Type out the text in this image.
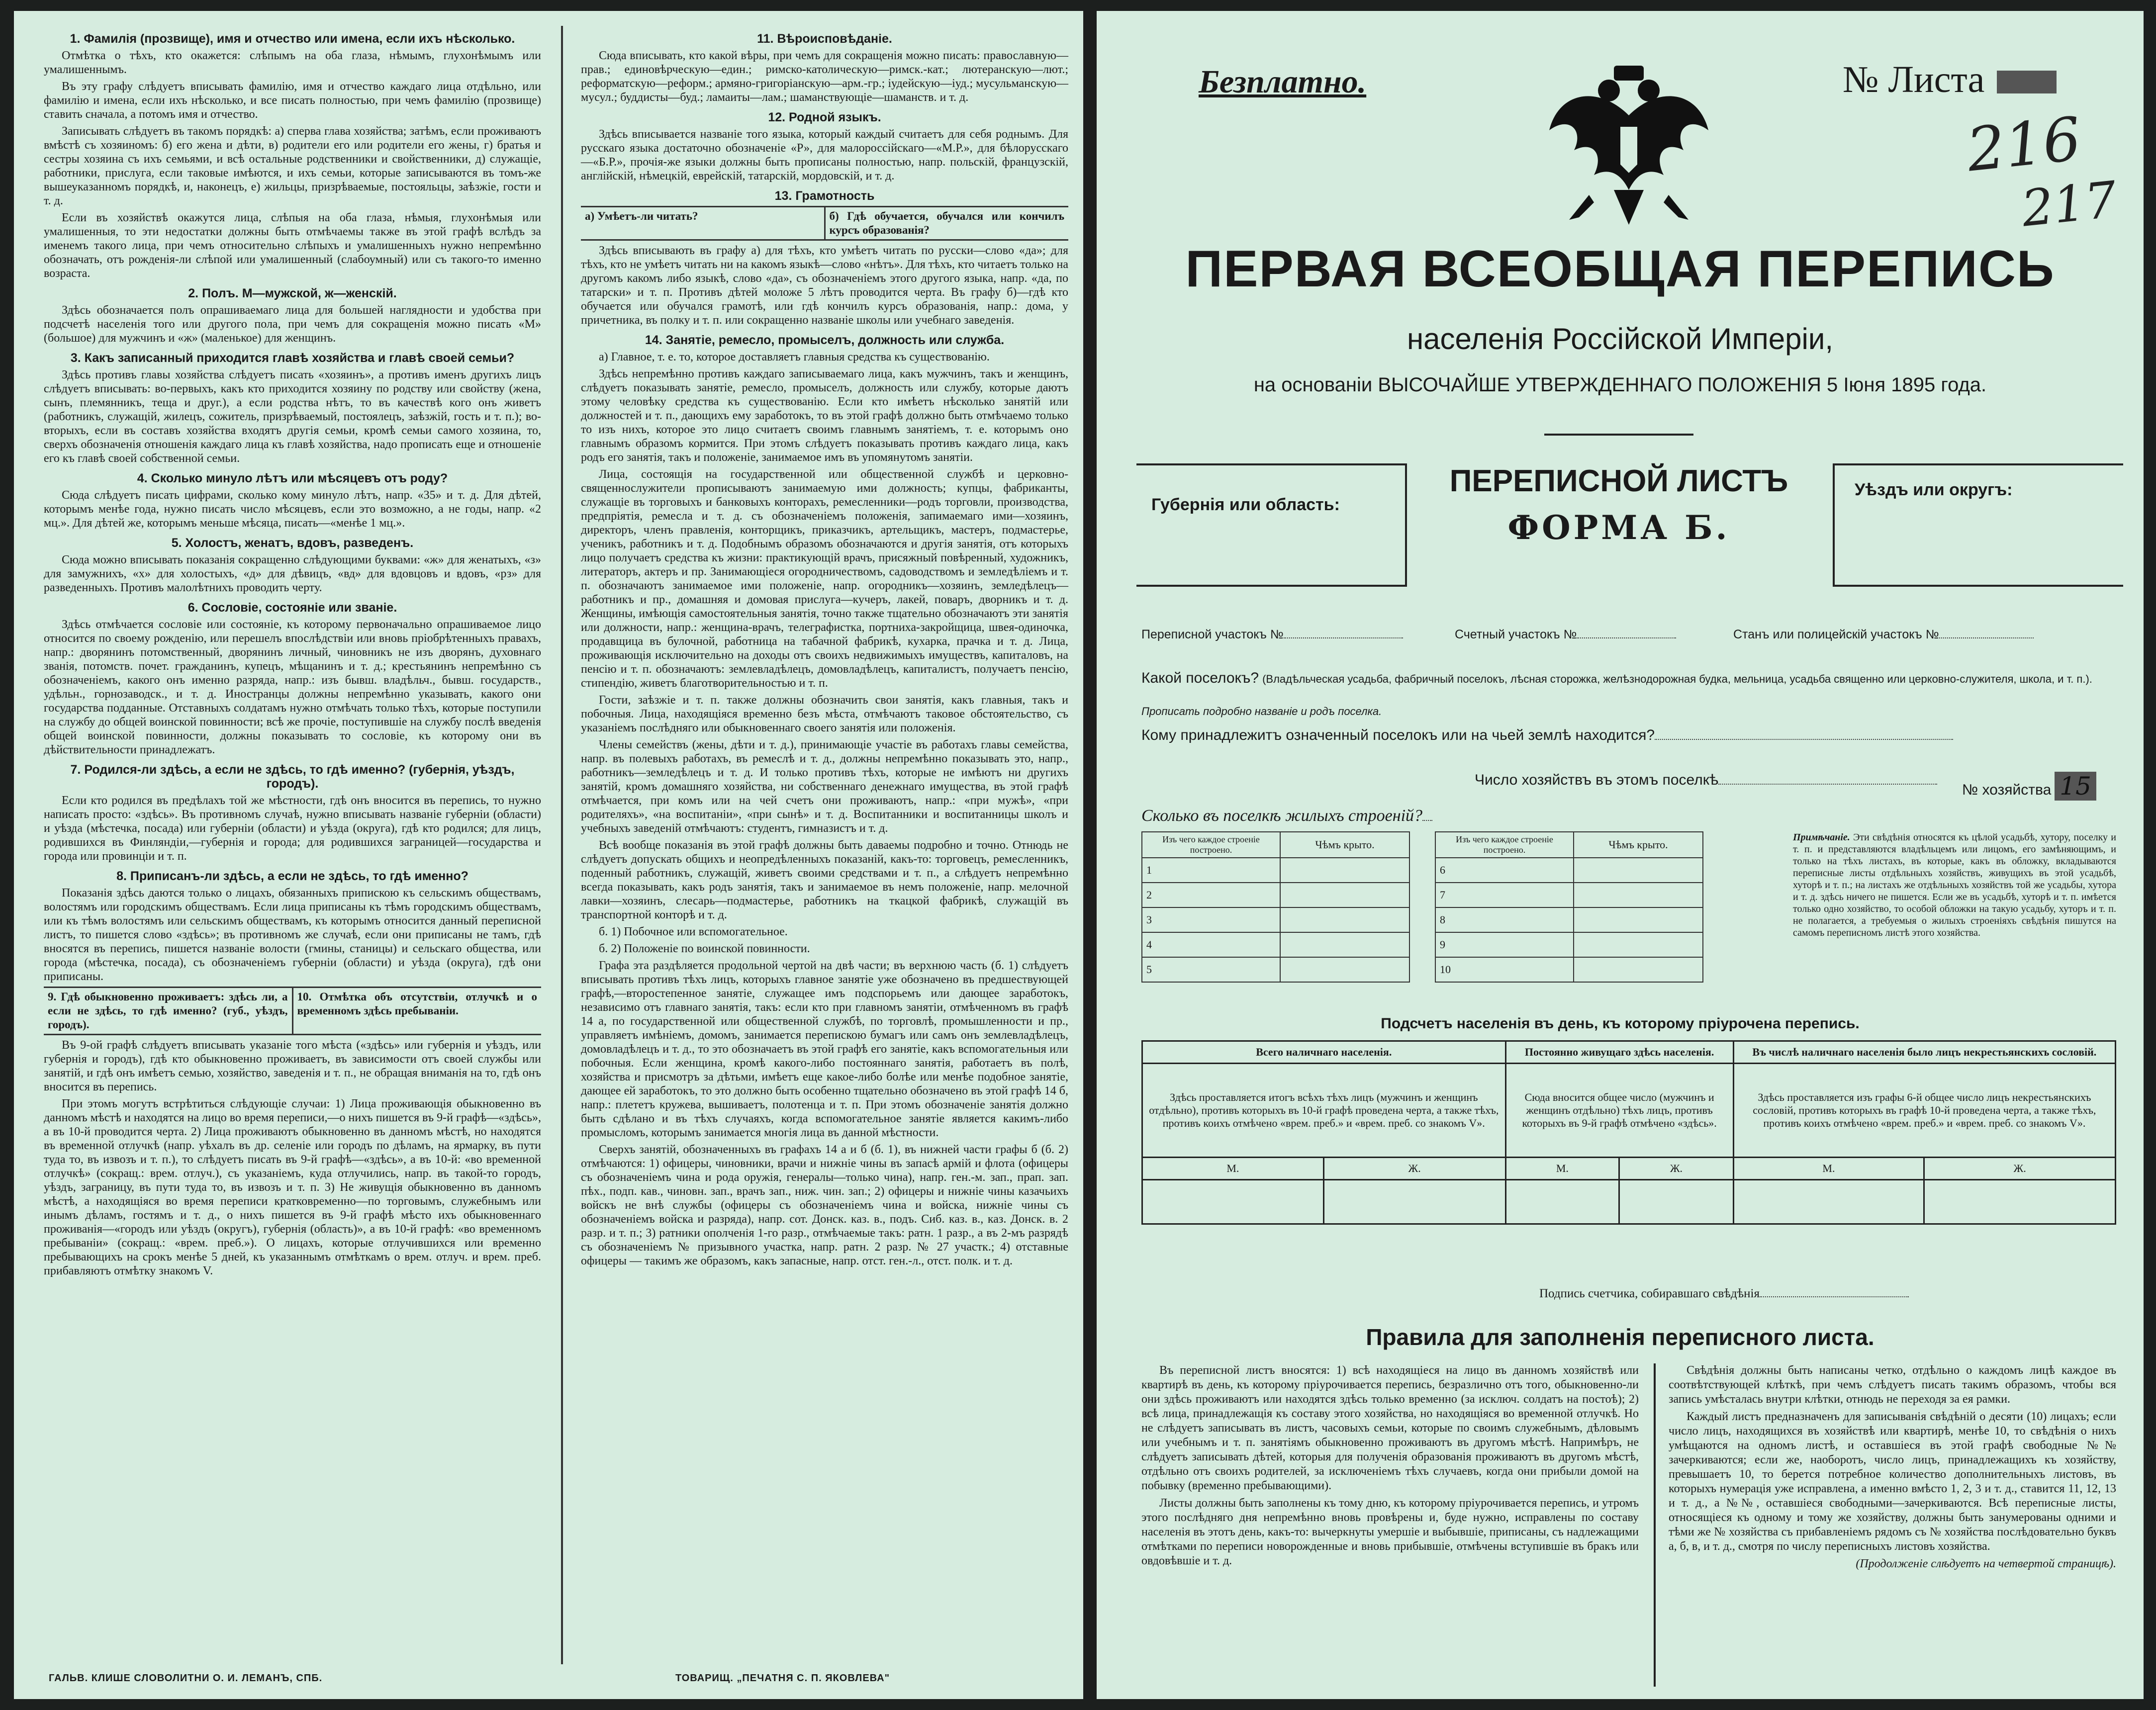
1. Фамилія (прозвище), имя и отчество или имена, если ихъ нѣсколько.

Отмѣтка о тѣхъ, кто окажется: слѣпымъ на оба глаза, нѣмымъ, глухонѣмымъ или умалишеннымъ.

Въ эту графу слѣдуетъ вписывать фамилію, имя и отчество каждаго лица отдѣльно, или фамилію и имена, если ихъ нѣсколько, и все писать полностью, при чемъ фамилію (прозвище) ставить сначала, а потомъ имя и отчество.

Записывать слѣдуетъ въ такомъ порядкѣ: а) сперва глава хозяйства; затѣмъ, если проживаютъ вмѣстѣ съ хозяиномъ: б) его жена и дѣти, в) родители его или родители его жены, г) братья и сестры хозяина съ ихъ семьями, и всѣ остальные родственники и свойственники, д) служащіе, работники, прислуга, если таковые имѣются, и ихъ семьи, которые записываются въ томъ-же вышеуказанномъ порядкѣ, и, наконецъ, е) жильцы, призрѣваемые, постояльцы, заѣзжіе, гости и т. д.

Если въ хозяйствѣ окажутся лица, слѣпыя на оба глаза, нѣмыя, глухонѣмыя или умалишенныя, то эти недостатки должны быть отмѣчаемы также въ этой графѣ вслѣдъ за именемъ такого лица, при чемъ относительно слѣпыхъ и умалишенныхъ нужно непремѣнно обозначать, отъ рожденія-ли слѣпой или умалишенный (слабоумный) или съ такого-то именно возраста.

2. Полъ. М—мужской, ж—женскій.

Здѣсь обозначается полъ опрашиваемаго лица для большей наглядности и удобства при подсчетѣ населенія того или другого пола, при чемъ для сокращенія можно писать «М» (большое) для мужчинъ и «ж» (маленькое) для женщинъ.

3. Какъ записанный приходится главѣ хозяйства и главѣ своей семьи?

Здѣсь противъ главы хозяйства слѣдуетъ писать «хозяинъ», а противъ именъ другихъ лицъ слѣдуетъ вписывать: во-первыхъ, какъ кто приходится хозяину по родству или свойству (жена, сынъ, племянникъ, теща и друг.), а если родства нѣтъ, то въ качествѣ кого онъ живетъ (работникъ, служащій, жилецъ, сожитель, призрѣваемый, постоялецъ, заѣзжій, гость и т. п.); во-вторыхъ, если въ составъ хозяйства входятъ другія семьи, кромѣ семьи самого хозяина, то, сверхъ обозначенія отношенія каждаго лица къ главѣ хозяйства, надо прописать еще и отношеніе его къ главѣ своей собственной семьи.

4. Сколько минуло лѣтъ или мѣсяцевъ отъ роду?

Сюда слѣдуетъ писать цифрами, сколько кому минуло лѣтъ, напр. «35» и т. д. Для дѣтей, которымъ менѣе года, нужно писать число мѣсяцевъ, если это возможно, а не годы, напр. «2 мц.». Для дѣтей же, которымъ меньше мѣсяца, писать—«менѣе 1 мц.».

5. Холостъ, женатъ, вдовъ, разведенъ.

Сюда можно вписывать показанія сокращенно слѣдующими буквами: «ж» для женатыхъ, «з» для замужнихъ, «х» для холостыхъ, «д» для дѣвицъ, «вд» для вдовцовъ и вдовъ, «рз» для разведенныхъ. Противъ малолѣтнихъ проводить черту.

6. Сословіе, состояніе или званіе.

Здѣсь отмѣчается сословіе или состояніе, къ которому первоначально опрашиваемое лицо относится по своему рожденію, или перешелъ впослѣдствіи или вновь пріобрѣтенныхъ правахъ, напр.: дворянинъ потомственный, дворянинъ личный, чиновникъ не изъ дворянъ, духовнаго званія, потомств. почет. гражданинъ, купецъ, мѣщанинъ и т. д.; крестьянинъ непремѣнно съ обозначеніемъ, какого онъ именно разряда, напр.: изъ бывш. владѣльч., бывш. государств., удѣльн., горнозаводск., и т. д. Иностранцы должны непремѣнно указывать, какого они государства подданные. Отставныхъ солдатамъ нужно отмѣчать только тѣхъ, которые поступили на службу до общей воинской повинности; всѣ же прочіе, поступившіе на службу послѣ введенія общей воинской повинности, должны показывать то сословіе, къ которому они въ дѣйствительности принадлежатъ.

7. Родился-ли здѣсь, а если не здѣсь, то гдѣ именно? (губернія, уѣздъ, городъ).

Если кто родился въ предѣлахъ той же мѣстности, гдѣ онъ вносится въ перепись, то нужно написать просто: «здѣсь». Въ противномъ случаѣ, нужно вписывать названіе губерніи (области) и уѣзда (мѣстечка, посада) или губерніи (области) и уѣзда (округа), гдѣ кто родился; для лицъ, родившихся въ Финляндіи,—губернія и города; для родившихся заграницей—государства и города или провинціи и т. п.

8. Приписанъ-ли здѣсь, а если не здѣсь, то гдѣ именно?

Показанія здѣсь даются только о лицахъ, обязанныхъ припискою къ сельскимъ обществамъ, волостямъ или городскимъ обществамъ. Если лица приписаны къ тѣмъ городскимъ обществамъ, или къ тѣмъ волостямъ или сельскимъ обществамъ, къ которымъ относится данный переписной листъ, то пишется слово «здѣсь»; въ противномъ же случаѣ, если они приписаны не тамъ, гдѣ вносятся въ перепись, пишется названіе волости (гмины, станицы) и сельскаго общества, или города (мѣстечка, посада), съ обозначеніемъ губерніи (области) и уѣзда (округа), гдѣ они приписаны.

9. Гдѣ обыкновенно проживаетъ: здѣсь ли, а если не здѣсь, то гдѣ именно? (губ., уѣздъ, городъ).
10. Отмѣтка объ отсутствіи, отлучкѣ и о временномъ здѣсь пребываніи.

Въ 9-ой графѣ слѣдуетъ вписывать указаніе того мѣста («здѣсь» или губернія и уѣздъ, или губернія и городъ), гдѣ кто обыкновенно проживаетъ, въ зависимости отъ своей службы или занятій, и гдѣ онъ имѣетъ семью, хозяйство, заведенія и т. п., не обращая вниманія на то, гдѣ онъ вносится въ перепись.

При этомъ могутъ встрѣтиться слѣдующіе случаи: 1) Лица проживающія обыкновенно въ данномъ мѣстѣ и находятся на лицо во время переписи,—о нихъ пишется въ 9-й графѣ—«здѣсь», а въ 10-й проводится черта. 2) Лица проживаютъ обыкновенно въ данномъ мѣстѣ, но находятся въ временной отлучкѣ (напр. уѣхалъ въ др. селеніе или городъ по дѣламъ, на ярмарку, въ пути туда то, въ извозъ и т. п.), то слѣдуетъ писать въ 9-й графѣ—«здѣсь», а въ 10-й: «во временной отлучкѣ» (сокращ.: врем. отлуч.), съ указаніемъ, куда отлучились, напр. въ такой-то городъ, уѣздъ, заграницу, въ пути туда то, въ извозъ и т. п. 3) Не живущія обыкновенно въ данномъ мѣстѣ, а находящіяся во время переписи кратковременно—по торговымъ, служебнымъ или инымъ дѣламъ, гостямъ и т. д., о нихъ пишется въ 9-й графѣ мѣсто ихъ обыкновеннаго проживанія—«городъ или уѣздъ (округъ), губернія (область)», а въ 10-й графѣ: «во временномъ пребываніи» (сокращ.: «врем. преб.»). О лицахъ, которые отлучившихся или временно пребывающихъ на срокъ менѣе 5 дней, къ указаннымъ отмѣткамъ о врем. отлуч. и врем. преб. прибавляютъ отмѣтку знакомъ V.

11. Вѣроисповѣданіе.

Сюда вписывать, кто какой вѣры, при чемъ для сокращенія можно писать: православную—прав.; единовѣрческую—един.; римско-католическую—римск.-кат.; лютеранскую—лют.; реформатскую—реформ.; армяно-григоріанскую—арм.-гр.; іудейскую—іуд.; мусульманскую—мусул.; буддисты—буд.; ламаиты—лам.; шаманствующіе—шаманств. и т. д.

12. Родной языкъ.

Здѣсь вписывается названіе того языка, который каждый считаетъ для себя роднымъ. Для русскаго языка достаточно обозначеніе «Р», для малороссійскаго—«М.Р.», для бѣлорусскаго—«Б.Р.», прочія-же языки должны быть прописаны полностью, напр. польскій, французскій, англійскій, нѣмецкій, еврейскій, татарскій, мордовскій, и т. д.

13. Грамотность
а) Умѣетъ-ли читать?	б) Гдѣ обучается, обучался или кончилъ курсъ образованія?

Здѣсь вписывають въ графу а) для тѣхъ, кто умѣетъ читать по русски—слово «да»; для тѣхъ, кто не умѣетъ читать ни на какомъ языкѣ—слово «нѣтъ». Для тѣхъ, кто читаетъ только на другомъ какомъ либо языкѣ, слово «да», съ обозначеніемъ этого другого языка, напр. «да, по татарски» и т. п. Противъ дѣтей моложе 5 лѣтъ проводится черта. Въ графу б)—гдѣ кто обучается или обучался грамотѣ, или гдѣ кончилъ курсъ образованія, напр.: дома, у причетника, въ полку и т. п. или сокращенно названіе школы или учебнаго заведенія.

14. Занятіе, ремесло, промыселъ, должность или служба.

а) Главное, т. е. то, которое доставляетъ главныя средства къ существованію.

Здѣсь непремѣнно противъ каждаго записываемаго лица, какъ мужчинъ, такъ и женщинъ, слѣдуетъ показывать занятіе, ремесло, промыселъ, должность или службу, которые даютъ этому человѣку средства къ существованію. Если кто имѣетъ нѣсколько занятій или должностей и т. п., дающихъ ему заработокъ, то въ этой графѣ должно быть отмѣчаемо только то изъ нихъ, которое это лицо считаетъ своимъ главнымъ занятіемъ, т. е. которымъ оно главнымъ образомъ кормится. При этомъ слѣдуетъ показывать противъ каждаго лица, какъ родъ его занятія, такъ и положеніе, занимаемое имъ въ упомянутомъ занятіи.

Лица, состоящія на государственной или общественной службѣ и церковно-священнослужители прописываютъ занимаемую ими должность; купцы, фабриканты, служащіе въ торговыхъ и банковыхъ конторахъ, ремесленники—родъ торговли, производства, предпріятія, ремесла и т. д. съ обозначеніемъ положенія, запимаемаго ими—хозяинъ, директоръ, членъ правленія, конторщикъ, приказчикъ, артельщикъ, мастеръ, подмастерье, ученикъ, работникъ и т. д. Подобнымъ образомъ обозначаются и другія занятія, отъ которыхъ лицо получаетъ средства къ жизни: практикующій врачъ, присяжный повѣренный, художникъ, литераторъ, актеръ и пр. Занимающіеся огородничествомъ, садоводствомъ и земледѣліемъ и т. п. обозначаютъ занимаемое ими положеніе, напр. огородникъ—хозяинъ, земледѣлецъ—работникъ и пр., домашняя и домовая прислуга—кучеръ, лакей, поваръ, дворникъ и т. д. Женщины, имѣющія самостоятельныя занятія, точно также тщательно обозначаютъ эти занятія или должности, напр.: женщина-врачъ, телеграфистка, портниха-закройщица, швея-одиночка, продавщица въ булочной, работница на табачной фабрикѣ, кухарка, прачка и т. д. Лица, проживающія исключительно на доходы отъ своихъ недвижимыхъ имуществъ, капиталовъ, на пенсію и т. п. обозначаютъ: землевладѣлецъ, домовладѣлецъ, капиталистъ, получаетъ пенсію, стипендію, живетъ благотворительностью и т. п.

Гости, заѣзжіе и т. п. также должны обозначить свои занятія, какъ главныя, такъ и побочныя. Лица, находящіяся временно безъ мѣста, отмѣчаютъ таковое обстоятельство, съ указаніемъ послѣдняго или обыкновеннаго своего занятія или положенія.

Члены семействъ (жены, дѣти и т. д.), принимающіе участіе въ работахъ главы семейства, напр. въ полевыхъ работахъ, въ ремеслѣ и т. д., должны непремѣнно показывать это, напр., работникъ—земледѣлецъ и т. д. И только противъ тѣхъ, которые не имѣютъ ни другихъ занятій, кромъ домашняго хозяйства, ни собственнаго денежнаго имущества, въ этой графѣ отмѣчается, при комъ или на чей счетъ они проживаютъ, напр.: «при мужѣ», «при родителяхъ», «на воспитаніи», «при сынѣ» и т. д. Воспитанники и воспитанницы школъ и учебныхъ заведеній отмѣчаютъ: студентъ, гимназистъ и т. д.

Всѣ вообще показанія въ этой графѣ должны быть даваемы подробно и точно. Отнюдь не слѣдуетъ допускать общихъ и неопредѣленныхъ показаній, какъ-то: торговецъ, ремесленникъ, поденный работникъ, служащій, живетъ своими средствами и т. п., а слѣдуетъ непремѣнно всегда показывать, какъ родъ занятія, такъ и занимаемое въ немъ положеніе, напр. мелочной лавки—хозяинъ, слесарь—подмастерье, работникъ на ткацкой фабрикѣ, служащій въ транспортной конторѣ и т. д.

б. 1) Побочное или вспомогательное.

б. 2) Положеніе по воинской повинности.

Графа эта раздѣляется продольной чертой на двѣ части; въ верхнюю часть (б. 1) слѣдуетъ вписывать противъ тѣхъ лицъ, которыхъ главное занятіе уже обозначено въ предшествующей графѣ,—второстепенное занятіе, служащее имъ подспорьемъ или дающее заработокъ, независимо отъ главнаго занятія, такъ: если кто при главномъ занятіи, отмѣченномъ въ графѣ 14 а, по государственной или общественной службѣ, по торговлѣ, промышленности и пр., управляетъ имѣніемъ, домомъ, занимается перепискою бумагъ или самъ онъ землевладѣлецъ, домовладѣлецъ и т. д., то это обозначаетъ въ этой графѣ его занятіе, какъ вспомогательныя или побочныя. Если женщина, кромѣ какого-либо постояннаго занятія, работаетъ въ полѣ, хозяйства и присмотръ за дѣтьми, имѣетъ еще какое-либо болѣе или менѣе подобное занятіе, дающее ей заработокъ, то это должно быть особенно тщательно обозначено въ этой графѣ 14 б, напр.: плететъ кружева, вышиваетъ, полотенца и т. п. При этомъ обозначеніе занятія должно быть сдѣлано и въ тѣхъ случаяхъ, когда вспомогательное занятіе является какимъ-либо промысломъ, которымъ занимается многія лица въ данной мѣстности.

Сверхъ занятій, обозначенныхъ въ графахъ 14 а и б (б. 1), въ нижней части графы б (б. 2) отмѣчаются: 1) офицеры, чиновники, врачи и нижніе чины въ запасѣ армій и флота (офицеры съ обозначеніемъ чина и рода оружія, генералы—только чина), напр. ген.-м. зап., прап. зап. пѣх., подп. кав., чиновн. зап., врачъ зап., ниж. чин. зап.; 2) офицеры и нижніе чины казачьихъ войскъ не внѣ службы (офицеры съ обозначеніемъ чина и войска, нижніе чины съ обозначеніемъ войска и разряда), напр. сот. Донск. каз. в., подъ. Сиб. каз. в., каз. Донск. в. 2 разр. и т. п.; 3) ратники ополченія 1-го разр., отмѣчаемые такъ: ратн. 1 разр., а въ 2-мъ разрядѣ съ обозначеніемъ № призывного участка, напр. ратн. 2 разр. № 27 участк.; 4) отставные офицеры — такимъ же образомъ, какъ запасные, напр. отст. ген.-л., отст. полк. и т. д.

ГАЛЬВ. КЛИШЕ СЛОВОЛИТНИ О. И. ЛЕМАНЪ, СПБ.	ТОВАРИЩ. „ПЕЧАТНЯ С. П. ЯКОВЛЕВА"
Безплатно.	№ Листа
216
217
ПЕРВАЯ ВСЕОБЩАЯ ПЕРЕПИСЬ
населенія Россійской Имперіи,
на основаніи ВЫСОЧАЙШЕ УТВЕРЖДЕННАГО ПОЛОЖЕНІЯ 5 Іюня 1895 года.
Губернія или область:
ПЕРЕПИСНОЙ ЛИСТЪ
ФОРМА Б.
Уѣздъ или округъ:
Переписной участокъ №	Счетный участокъ №	Станъ или полицейскій участокъ №
Какой поселокъ? (Владѣльческая усадьба, фабричный поселокъ, лѣсная сторожка, желѣзнодорожная будка, мельница, усадьба священно или церковно-служителя, школа, и т. п.). Прописать подробно названіе и родъ поселка.
Кому принадлежитъ означенный поселокъ или на чьей землѣ находится?
Число хозяйствъ въ этомъ поселкѣ
№ хозяйства 15
Сколько въ поселкѣ жилыхъ строеній?
Изъ чего каждое строеніе построено.	Чѣмъ крыто.
1	
2	
3	
4	
5	
Изъ чего каждое строеніе построено.	Чѣмъ крыто.
6	
7	
8	
9	
10	
Примѣчаніе. Эти свѣдѣнія относятся къ цѣлой усадьбѣ, хутору, поселку и т. п. и представляются владѣльцемъ или лицомъ, его замѣняющимъ, и только на тѣхъ листахъ, въ которые, какъ въ обложку, вкладываются переписные листы отдѣльныхъ хозяйствъ, живущихъ въ этой усадьбѣ, хуторѣ и т. п.; на листахъ же отдѣльныхъ хозяйствъ той же усадьбы, хутора и т. д. здѣсь ничего не пишется. Если же въ усадьбѣ, хуторѣ и т. п. имѣется только одно хозяйство, то особой обложки на такую усадьбу, хуторъ и т. п. не полагается, а требуемыя о жилыхъ строеніяхъ свѣдѣнія пишутся на самомъ переписномъ листѣ этого хозяйства.
Подсчетъ населенія въ день, къ которому пріурочена перепись.
Всего наличнаго населенія.		Постоянно живущаго здѣсь населенія.		Въ числѣ наличнаго населенія было лицъ некрестьянскихъ сословій.	
Здѣсь проставляется итогъ всѣхъ тѣхъ лицъ (мужчинъ и женщинъ отдѣльно), противъ которыхъ въ 10-й графѣ проведена черта, а также тѣхъ, противъ коихъ отмѣчено «врем. преб.» и «врем. преб. со знакомъ V».		Сюда вносится общее число (мужчинъ и женщинъ отдѣльно) тѣхъ лицъ, противъ которыхъ въ 9-й графѣ отмѣчено «здѣсь».		Здѣсь проставляется изъ графы 6-й общее число лицъ некрестьянскихъ сословій, противъ которыхъ въ графѣ 10-й проведена черта, а также тѣхъ, противъ коихъ отмѣчено «врем. преб.» и «врем. преб. со знакомъ V».	
М.	Ж.	М.	Ж.	М.	Ж.

Подпись счетчика, собиравшаго свѣдѣнія
Правила для заполненія переписного листа.

Въ переписной листъ вносятся: 1) всѣ находящіеся на лицо въ данномъ хозяйствѣ или квартирѣ въ день, къ которому пріурочивается перепись, безразлично отъ того, обыкновенно-ли они здѣсь проживаютъ или находятся здѣсь только временно (за исключ. солдатъ на постоѣ); 2) всѣ лица, принадлежащія къ составу этого хозяйства, но находящіяся во временной отлучкѣ. Но не слѣдуетъ записывать въ листъ, часовыхъ семьи, которые по своимъ служебнымъ, дѣловымъ или учебнымъ и т. п. занятіямъ обыкновенно проживаютъ въ другомъ мѣстѣ. Напримѣръ, не слѣдуетъ записывать дѣтей, которыя для полученія образованія проживаютъ въ другомъ мѣстѣ, отдѣльно отъ своихъ родителей, за исключеніемъ тѣхъ случаевъ, когда они прибыли домой на побывку (временно пребывающими).

Листы должны быть заполнены къ тому дню, къ которому пріурочивается перепись, и утромъ этого послѣдняго дня непремѣнно вновь провѣрены и, буде нужно, исправлены по составу населенія въ этотъ день, какъ-то: вычеркнуты умершіе и выбывшіе, приписаны, съ надлежащими отмѣтками по переписи новорожденные и вновь прибывшіе, отмѣчены вступившіе въ бракъ или овдовѣвшіе и т. д.

Свѣдѣнія должны быть написаны четко, отдѣльно о каждомъ лицѣ каждое въ соотвѣтствующей клѣткѣ, при чемъ слѣдуетъ писать такимъ образомъ, чтобы вся запись умѣсталась внутри клѣтки, отнюдь не переходя за ея рамки.

Каждый листъ предназначенъ для записыванія свѣдѣній о десяти (10) лицахъ; если число лицъ, находящихся въ хозяйствѣ или квартирѣ, менѣе 10, то свѣдѣнія о нихъ умѣщаются на одномъ листѣ, и оставшіеся въ этой графѣ свободные №№ зачеркиваются; если же, наоборотъ, число лицъ, принадлежащихъ къ хозяйству, превышаетъ 10, то берется потребное количество дополнительныхъ листовъ, въ которыхъ нумерація уже исправлена, а именно вмѣсто 1, 2, 3 и т. д., ставится 11, 12, 13 и т. д., а №№, оставшіеся свободными—зачеркиваются. Всѣ переписные листы, относящіеся къ одному и тому же хозяйству, должны быть занумерованы одними и тѣми же № хозяйства съ прибавленіемъ рядомъ съ № хозяйства послѣдовательно буквъ а, б, в, и т. д., смотря по числу переписныхъ листовъ хозяйства.

(Продолженіе слѣдуетъ на четвертой страницѣ).
